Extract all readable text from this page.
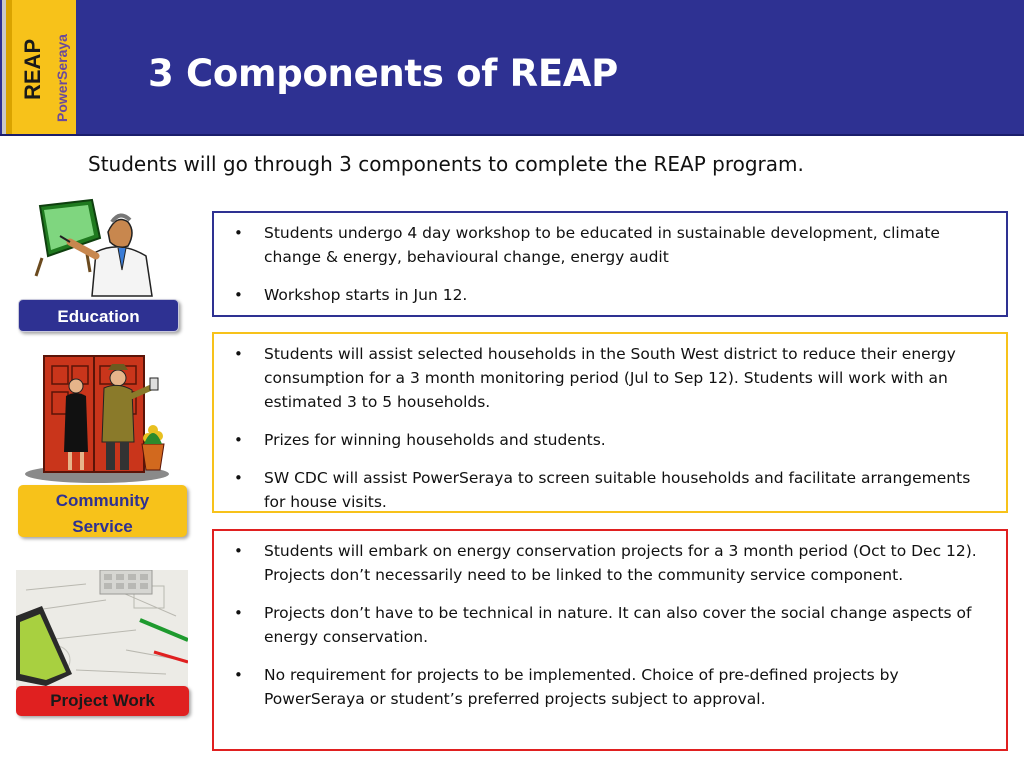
REAP PowerSeraya 3 Components of REAP
Students will go through 3 components to complete the REAP program.
Education
Community
Service
Project Work
• Students undergo 4 day workshop to be educated in sustainable development, climate change & energy, behavioural change, energy audit
• Workshop starts in Jun 12.
• Students will assist selected households in the South West district to reduce their energy consumption for a 3 month monitoring period (Jul to Sep 12). Students will work with an estimated 3 to 5 households.
• Prizes for winning households and students.
• SW CDC will assist PowerSeraya to screen suitable households and facilitate arrangements for house visits.
• Students will embark on energy conservation projects for a 3 month period (Oct to Dec 12). Projects don’t necessarily need to be linked to the community service component.
• Projects don’t have to be technical in nature. It can also cover the social change aspects of energy conservation.
• No requirement for projects to be implemented. Choice of pre-defined projects by PowerSeraya or student’s preferred projects subject to approval.
